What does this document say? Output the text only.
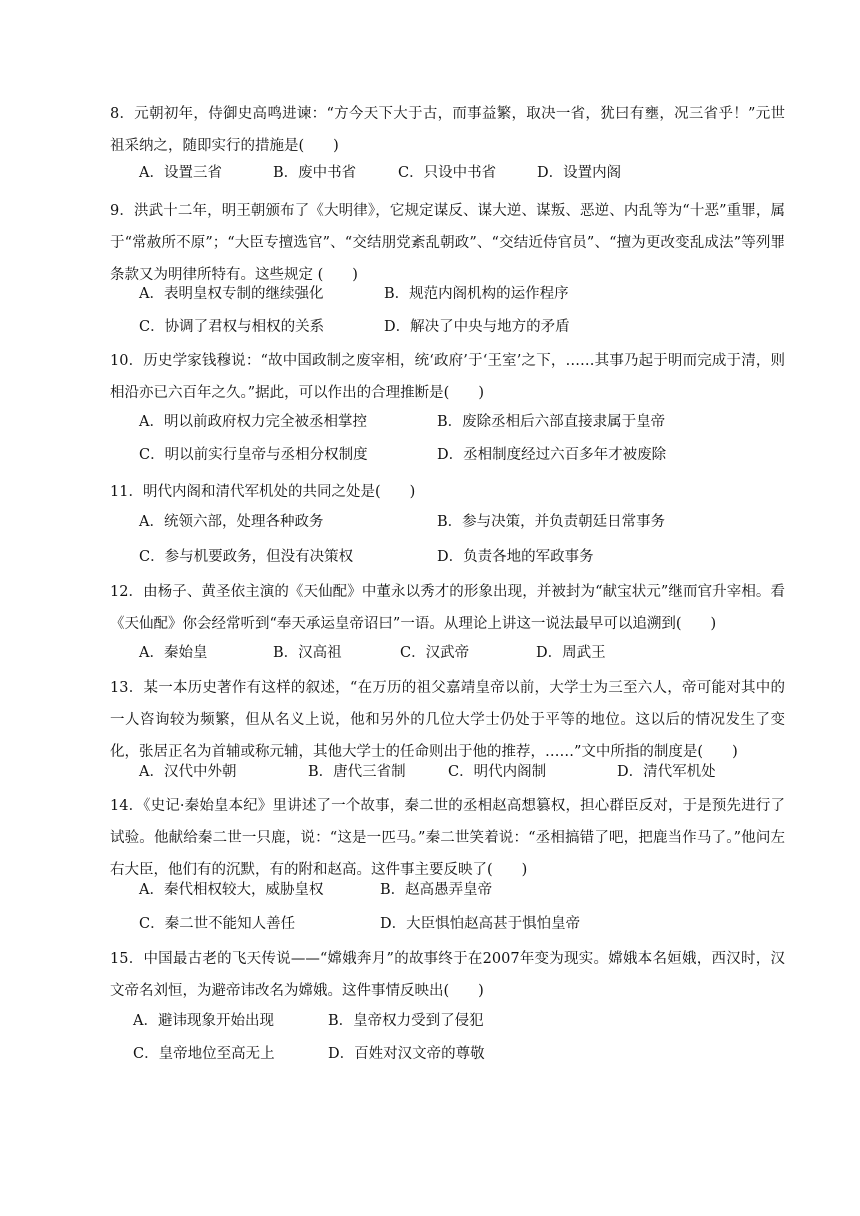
8．元朝初年，侍御史高鸣进谏：“方今天下大于古，而事益繁，取决一省，犹曰有壅，况三省乎！”元世祖采纳之，随即实行的措施是(　　)
A．设置三省	B．废中书省	C．只设中书省	D．设置内阁
9．洪武十二年，明王朝颁布了《大明律》，它规定谋反、谋大逆、谋叛、恶逆、内乱等为“十恶”重罪，属于“常赦所不原”；“大臣专擅选官”、“交结朋党紊乱朝政”、“交结近侍官员”、“擅为更改变乱成法”等列罪条款又为明律所特有。这些规定 (　　)
A．表明皇权专制的继续强化	B．规范内阁机构的运作程序
C．协调了君权与相权的关系	D．解决了中央与地方的矛盾
10．历史学家钱穆说：“故中国政制之废宰相，统‘政府’于‘王室’之下，……其事乃起于明而完成于清，则相沿亦已六百年之久。”据此，可以作出的合理推断是(　　)
A．明以前政府权力完全被丞相掌控	B．废除丞相后六部直接隶属于皇帝
C．明以前实行皇帝与丞相分权制度	D．丞相制度经过六百多年才被废除
11．明代内阁和清代军机处的共同之处是(　　)
A．统领六部，处理各种政务	B．参与决策，并负责朝廷日常事务
C．参与机要政务，但没有决策权	D．负责各地的军政事务
12．由杨子、黄圣依主演的《天仙配》中董永以秀才的形象出现，并被封为“献宝状元”继而官升宰相。看《天仙配》你会经常听到“奉天承运皇帝诏曰”一语。从理论上讲这一说法最早可以追溯到(　　)
A．秦始皇	B．汉高祖	C．汉武帝	D．周武王
13．某一本历史著作有这样的叙述，“在万历的祖父嘉靖皇帝以前，大学士为三至六人，帝可能对其中的一人咨询较为频繁，但从名义上说，他和另外的几位大学士仍处于平等的地位。这以后的情况发生了变化，张居正名为首辅或称元辅，其他大学士的任命则出于他的推荐，……”文中所指的制度是(　　)
A．汉代中外朝	B．唐代三省制	C．明代内阁制	D．清代军机处
14．《史记·秦始皇本纪》里讲述了一个故事，秦二世的丞相赵高想篡权，担心群臣反对，于是预先进行了试验。他献给秦二世一只鹿，说：“这是一匹马。”秦二世笑着说：“丞相搞错了吧，把鹿当作马了。”他问左右大臣，他们有的沉默，有的附和赵高。这件事主要反映了(　　)
A．秦代相权较大，威胁皇权	B．赵高愚弄皇帝
C．秦二世不能知人善任	D．大臣惧怕赵高甚于惧怕皇帝
15．中国最古老的飞天传说——“嫦娥奔月”的故事终于在2007年变为现实。嫦娥本名姮娥，西汉时，汉文帝名刘恒，为避帝讳改名为嫦娥。这件事情反映出(　　)
A．避讳现象开始出现	B．皇帝权力受到了侵犯
C．皇帝地位至高无上	D．百姓对汉文帝的尊敬
